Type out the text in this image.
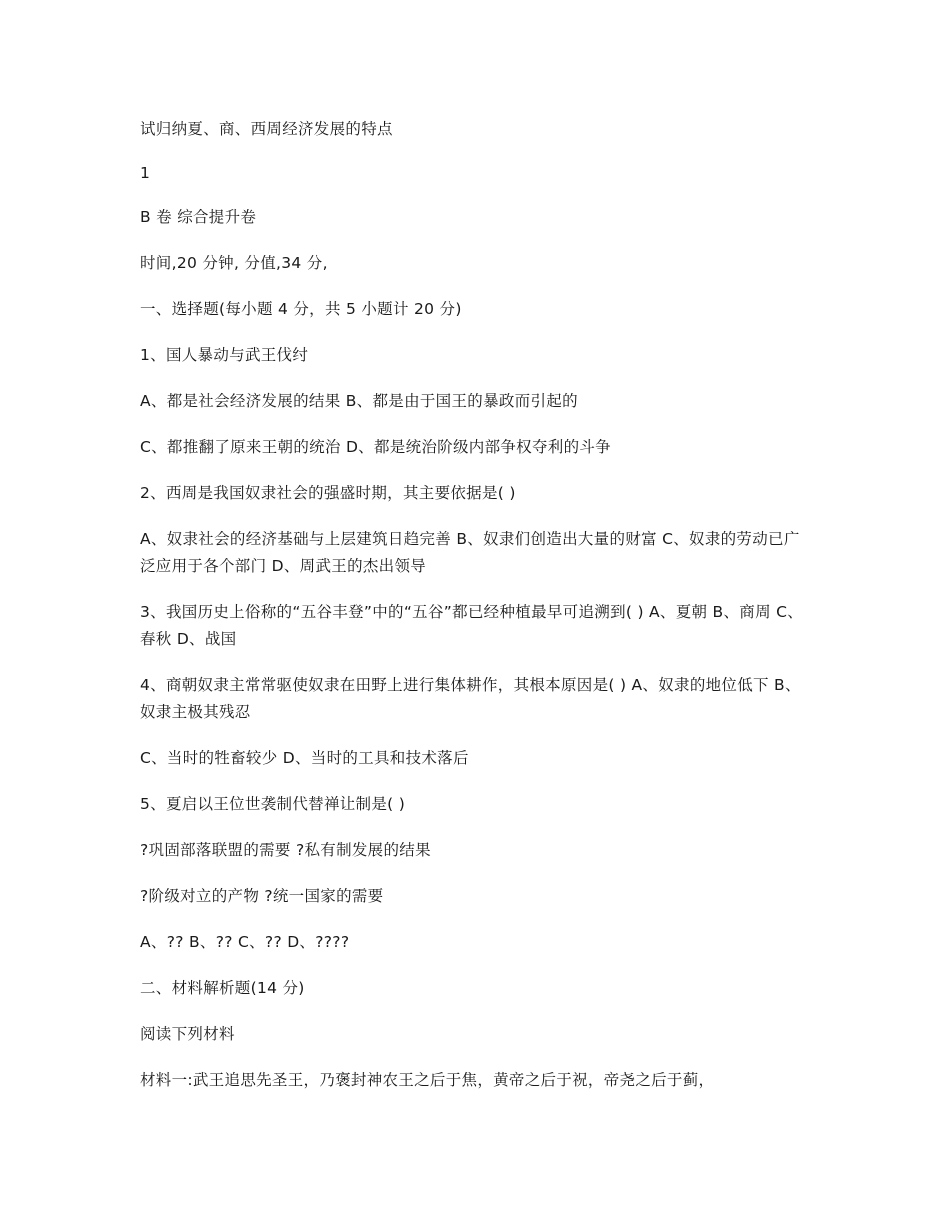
试归纳夏、商、西周经济发展的特点

1

B 卷 综合提升卷

时间,20 分钟, 分值,34 分,

一、选择题(每小题 4 分，共 5 小题计 20 分)

1、国人暴动与武王伐纣

A、都是社会经济发展的结果 B、都是由于国王的暴政而引起的

C、都推翻了原来王朝的统治 D、都是统治阶级内部争权夺利的斗争

2、西周是我国奴隶社会的强盛时期，其主要依据是( )

A、奴隶社会的经济基础与上层建筑日趋完善 B、奴隶们创造出大量的财富 C、奴隶的劳动已广泛应用于各个部门 D、周武王的杰出领导

3、我国历史上俗称的“五谷丰登”中的“五谷”都已经种植最早可追溯到( ) A、夏朝 B、商周 C、春秋 D、战国

4、商朝奴隶主常常驱使奴隶在田野上进行集体耕作，其根本原因是( ) A、奴隶的地位低下 B、奴隶主极其残忍

C、当时的牲畜较少 D、当时的工具和技术落后

5、夏启以王位世袭制代替禅让制是( )

?巩固部落联盟的需要 ?私有制发展的结果

?阶级对立的产物 ?统一国家的需要

A、?? B、?? C、?? D、????

二、材料解析题(14 分)

阅读下列材料

材料一:武王追思先圣王，乃褒封神农王之后于焦，黄帝之后于祝，帝尧之后于蓟，
